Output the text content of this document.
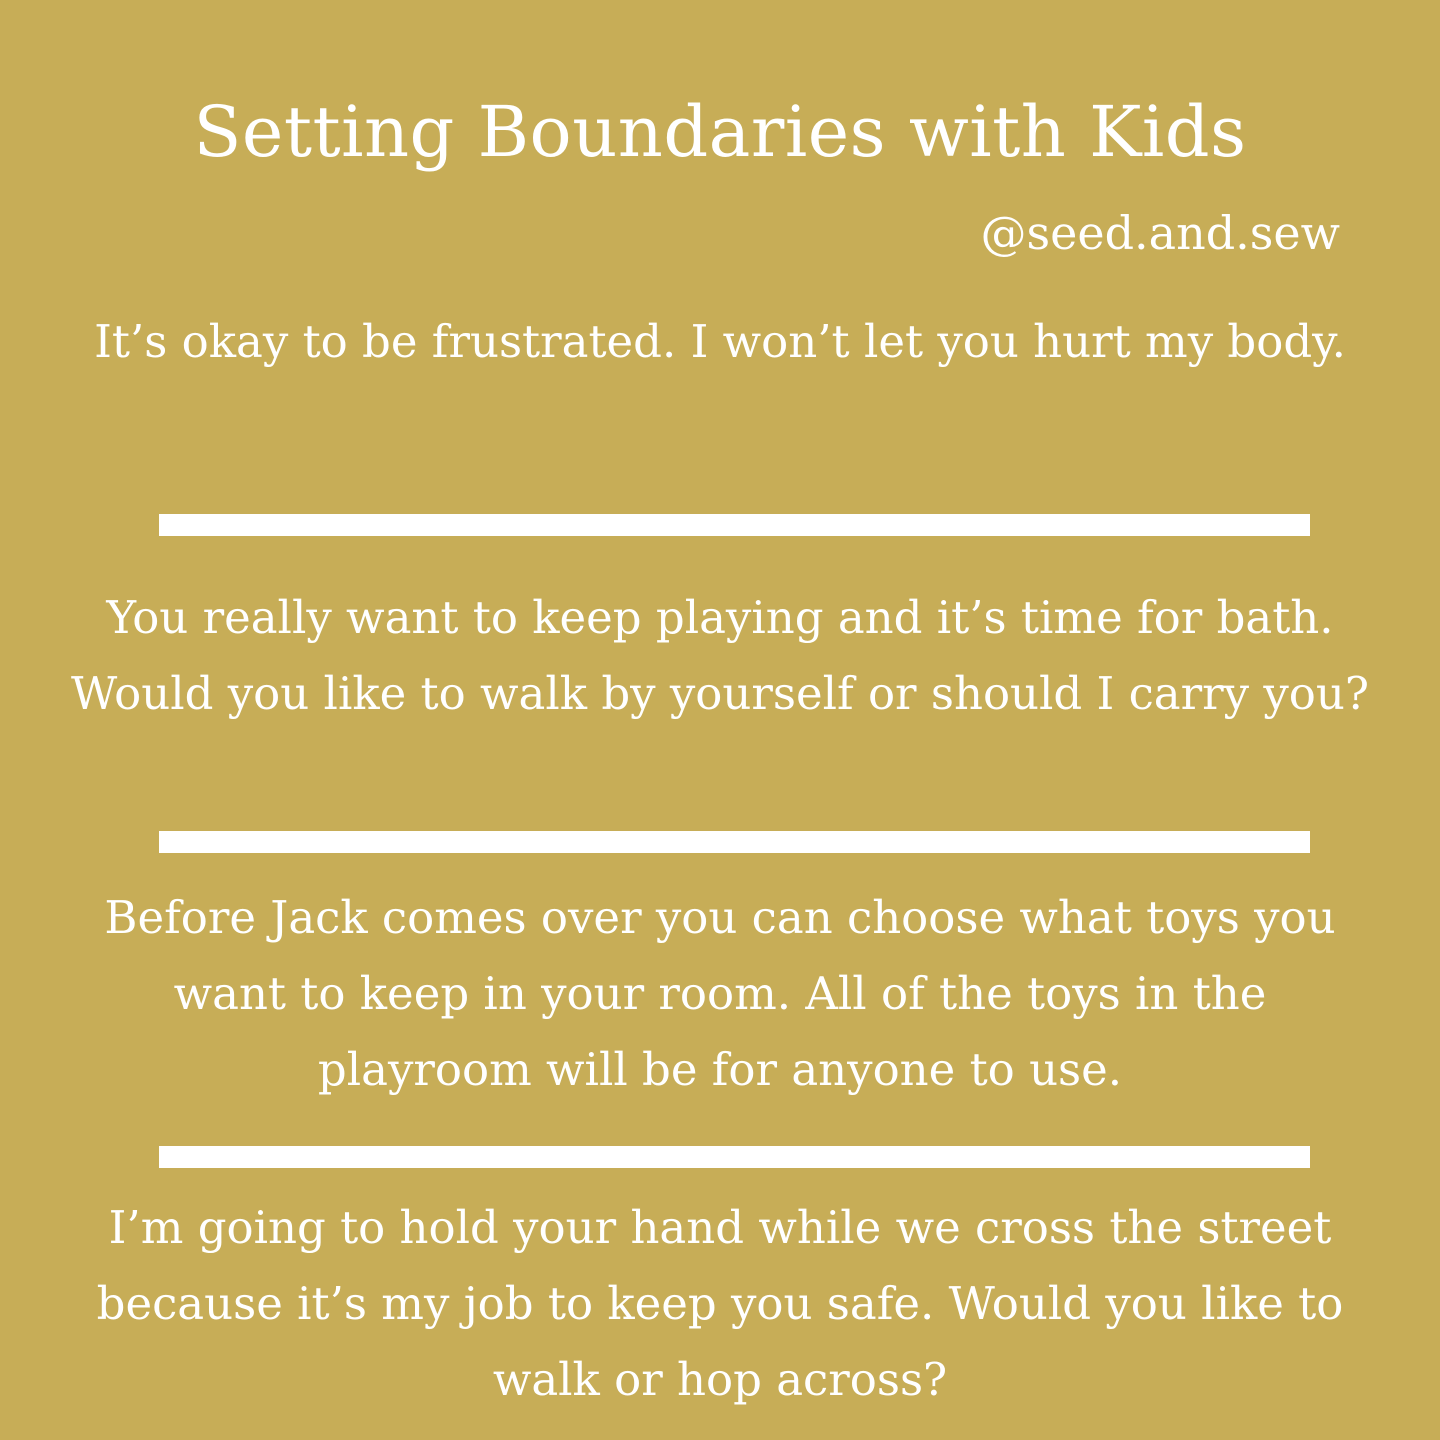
Setting Boundaries with Kids
@seed.and.sew

It’s okay to be frustrated. I won’t let you hurt my body.

You really want to keep playing and it’s time for bath. Would you like to walk by yourself or should I carry you?

Before Jack comes over you can choose what toys you want to keep in your room. All of the toys in the playroom will be for anyone to use.

I’m going to hold your hand while we cross the street because it’s my job to keep you safe. Would you like to walk or hop across?
